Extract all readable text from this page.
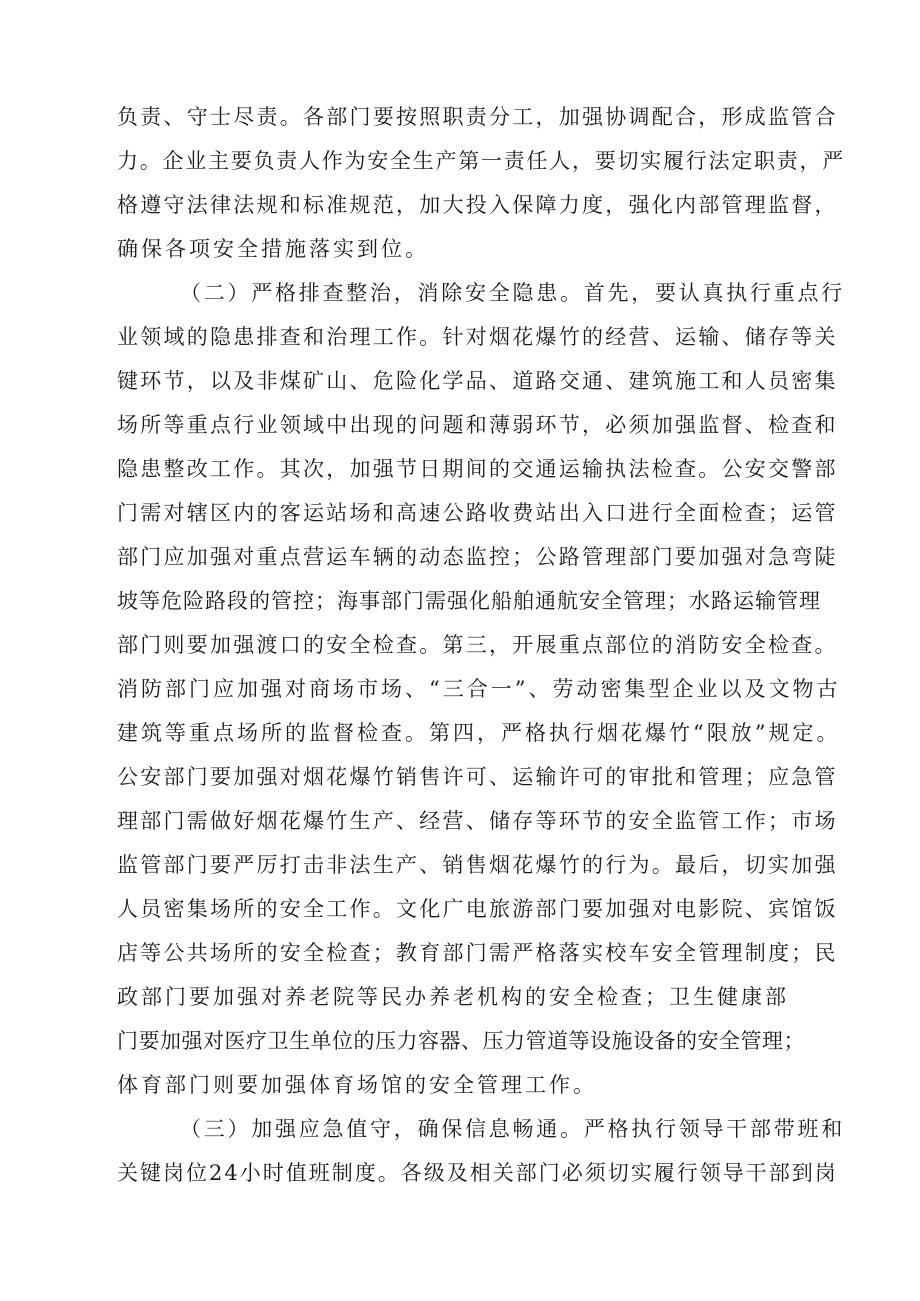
负责、守士尽责。各部门要按照职责分工，加强协调配合，形成监管合
力。企业主要负责人作为安全生产第一责任人，要切实履行法定职责，严
格遵守法律法规和标准规范，加大投入保障力度，强化内部管理监督，
确保各项安全措施落实到位。
（二）严格排查整治，消除安全隐患。首先，要认真执行重点行
业领域的隐患排查和治理工作。针对烟花爆竹的经营、运输、储存等关
键环节，以及非煤矿山、危险化学品、道路交通、建筑施工和人员密集
场所等重点行业领域中出现的问题和薄弱环节，必须加强监督、检查和
隐患整改工作。其次，加强节日期间的交通运输执法检查。公安交警部
门需对辖区内的客运站场和高速公路收费站出入口进行全面检查；运管
部门应加强对重点营运车辆的动态监控；公路管理部门要加强对急弯陡
坡等危险路段的管控；海事部门需强化船舶通航安全管理；水路运输管理
部门则要加强渡口的安全检查。第三，开展重点部位的消防安全检查。
消防部门应加强对商场市场、“三合一”、劳动密集型企业以及文物古
建筑等重点场所的监督检查。第四，严格执行烟花爆竹“限放”规定。
公安部门要加强对烟花爆竹销售许可、运输许可的审批和管理；应急管
理部门需做好烟花爆竹生产、经营、储存等环节的安全监管工作；市场
监管部门要严厉打击非法生产、销售烟花爆竹的行为。最后，切实加强
人员密集场所的安全工作。文化广电旅游部门要加强对电影院、宾馆饭
店等公共场所的安全检查；教育部门需严格落实校车安全管理制度；民
政部门要加强对养老院等民办养老机构的安全检查；卫生健康部
门要加强对医疗卫生单位的压力容器、压力管道等设施设备的安全管理；
体育部门则要加强体育场馆的安全管理工作。
（三）加强应急值守，确保信息畅通。严格执行领导干部带班和
关键岗位24小时值班制度。各级及相关部门必须切实履行领导干部到岗
